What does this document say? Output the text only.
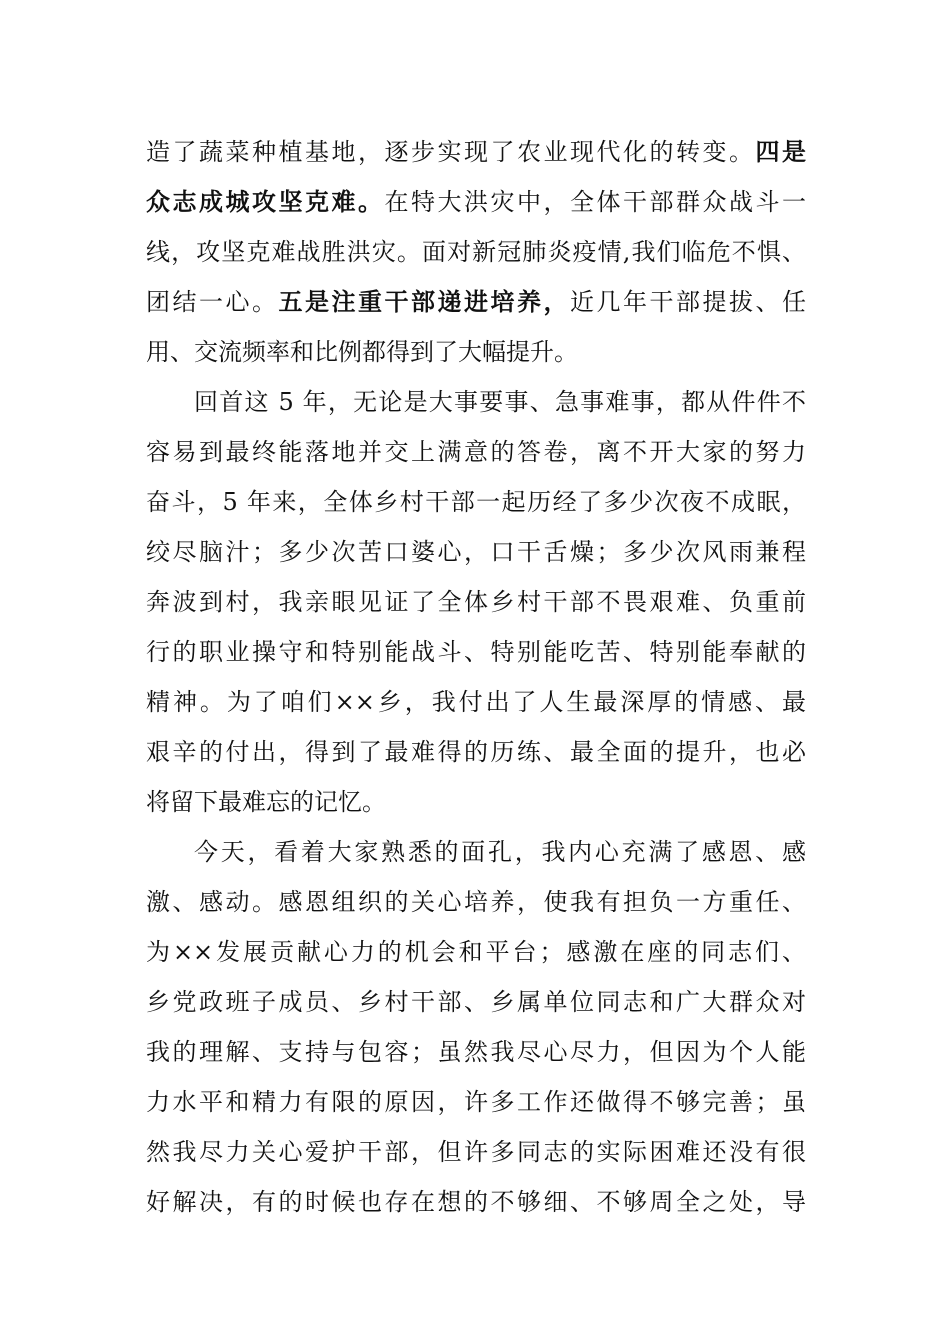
造了蔬菜种植基地，逐步实现了农业现代化的转变。四是
众志成城攻坚克难。在特大洪灾中，全体干部群众战斗一
线，攻坚克难战胜洪灾。面对新冠肺炎疫情,我们临危不惧、
团结一心。五是注重干部递进培养，近几年干部提拔、任
用、交流频率和比例都得到了大幅提升。
回首这 5 年，无论是大事要事、急事难事，都从件件不
容易到最终能落地并交上满意的答卷，离不开大家的努力
奋斗，5 年来，全体乡村干部一起历经了多少次夜不成眠，
绞尽脑汁；多少次苦口婆心，口干舌燥；多少次风雨兼程
奔波到村，我亲眼见证了全体乡村干部不畏艰难、负重前
行的职业操守和特别能战斗、特别能吃苦、特别能奉献的
精神。为了咱们××乡，我付出了人生最深厚的情感、最
艰辛的付出，得到了最难得的历练、最全面的提升，也必
将留下最难忘的记忆。
今天，看着大家熟悉的面孔，我内心充满了感恩、感
激、感动。感恩组织的关心培养，使我有担负一方重任、
为××发展贡献心力的机会和平台；感激在座的同志们、
乡党政班子成员、乡村干部、乡属单位同志和广大群众对
我的理解、支持与包容；虽然我尽心尽力，但因为个人能
力水平和精力有限的原因，许多工作还做得不够完善；虽
然我尽力关心爱护干部，但许多同志的实际困难还没有很
好解决，有的时候也存在想的不够细、不够周全之处，导
